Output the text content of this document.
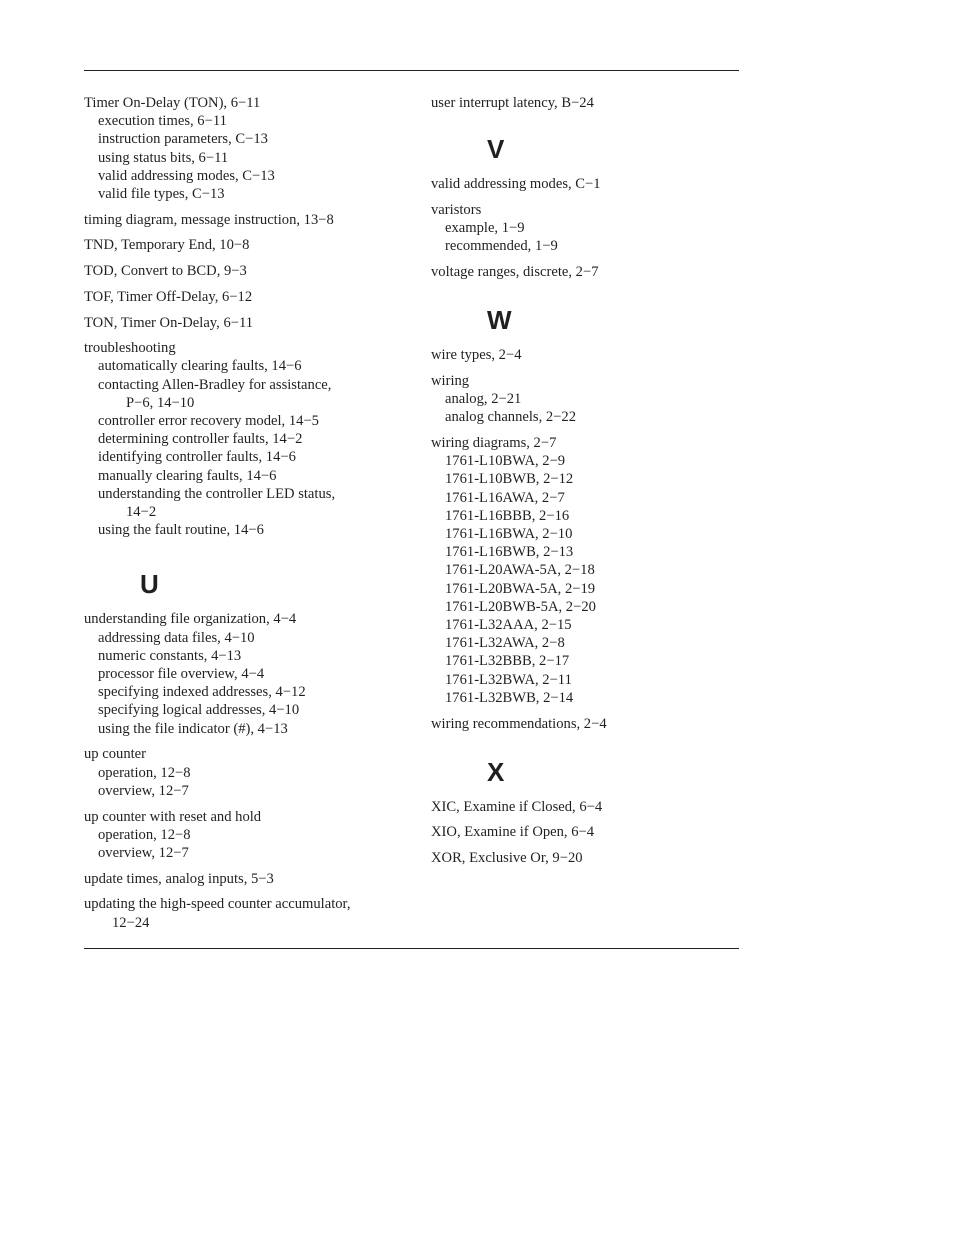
Timer On-Delay (TON), 6−11
execution times, 6−11
instruction parameters, C−13
using status bits, 6−11
valid addressing modes, C−13
valid file types, C−13
timing diagram, message instruction, 13−8
TND, Temporary End, 10−8
TOD, Convert to BCD, 9−3
TOF, Timer Off-Delay, 6−12
TON, Timer On-Delay, 6−11
troubleshooting
automatically clearing faults, 14−6
contacting Allen-Bradley for assistance,
P−6, 14−10
controller error recovery model, 14−5
determining controller faults, 14−2
identifying controller faults, 14−6
manually clearing faults, 14−6
understanding the controller LED status,
14−2
using the fault routine, 14−6
U
understanding file organization, 4−4
addressing data files, 4−10
numeric constants, 4−13
processor file overview, 4−4
specifying indexed addresses, 4−12
specifying logical addresses, 4−10
using the file indicator (#), 4−13
up counter
operation, 12−8
overview, 12−7
up counter with reset and hold
operation, 12−8
overview, 12−7
update times, analog inputs, 5−3
updating the high-speed counter accumulator,
12−24
user interrupt latency, B−24
V
valid addressing modes, C−1
varistors
example, 1−9
recommended, 1−9
voltage ranges, discrete, 2−7
W
wire types, 2−4
wiring
analog, 2−21
analog channels, 2−22
wiring diagrams, 2−7
1761-L10BWA, 2−9
1761-L10BWB, 2−12
1761-L16AWA, 2−7
1761-L16BBB, 2−16
1761-L16BWA, 2−10
1761-L16BWB, 2−13
1761-L20AWA-5A, 2−18
1761-L20BWA-5A, 2−19
1761-L20BWB-5A, 2−20
1761-L32AAA, 2−15
1761-L32AWA, 2−8
1761-L32BBB, 2−17
1761-L32BWA, 2−11
1761-L32BWB, 2−14
wiring recommendations, 2−4
X
XIC, Examine if Closed, 6−4
XIO, Examine if Open, 6−4
XOR, Exclusive Or, 9−20
